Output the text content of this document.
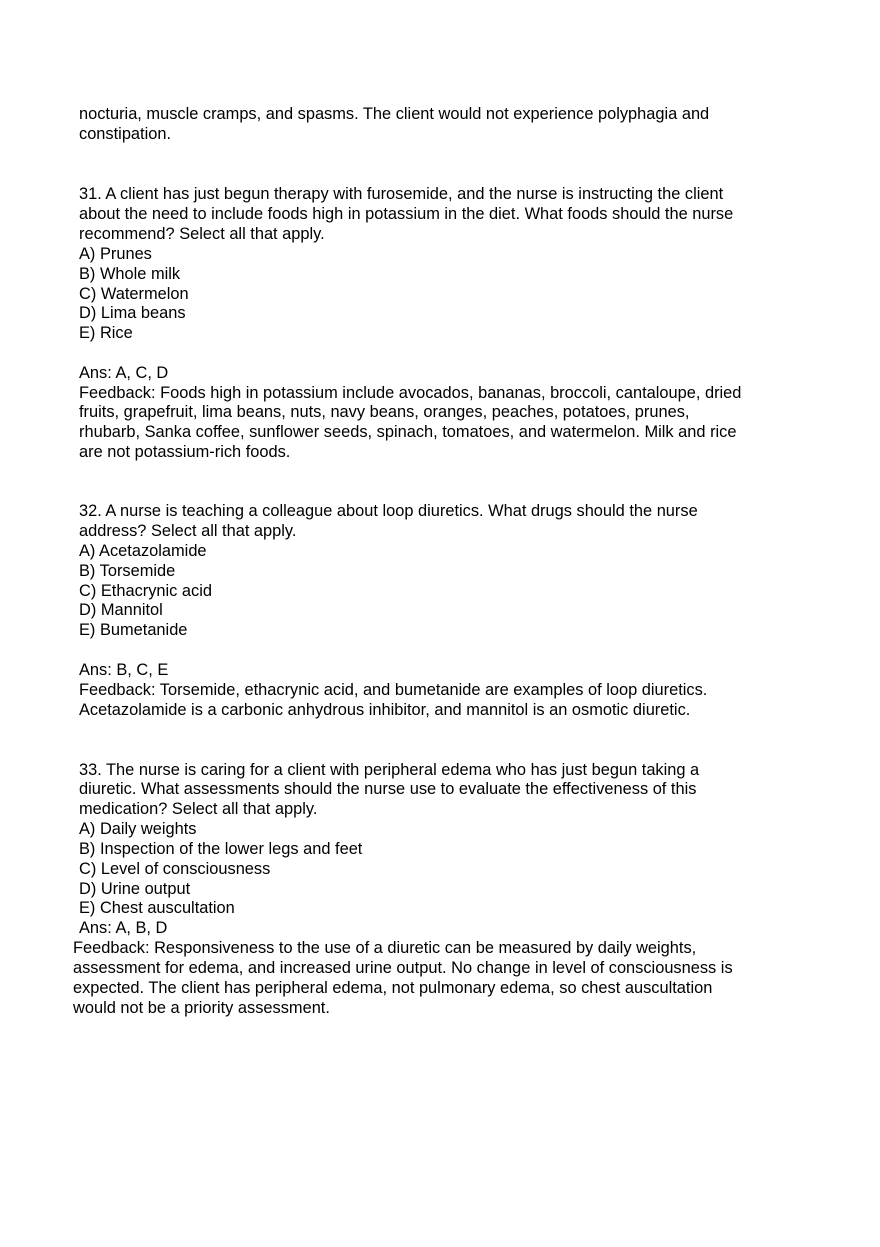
nocturia, muscle cramps, and spasms. The client would not experience polyphagia and

constipation.

31. A client has just begun therapy with furosemide, and the nurse is instructing the client

about the need to include foods high in potassium in the diet. What foods should the nurse

recommend? Select all that apply.

A) Prunes

B) Whole milk

C) Watermelon

D) Lima beans

E) Rice

Ans: A, C, D

Feedback: Foods high in potassium include avocados, bananas, broccoli, cantaloupe, dried

fruits, grapefruit, lima beans, nuts, navy beans, oranges, peaches, potatoes, prunes,

rhubarb, Sanka coffee, sunflower seeds, spinach, tomatoes, and watermelon. Milk and rice

are not potassium-rich foods.

32. A nurse is teaching a colleague about loop diuretics. What drugs should the nurse

address? Select all that apply.

A) Acetazolamide

B) Torsemide

C) Ethacrynic acid

D) Mannitol

E) Bumetanide

Ans: B, C, E

Feedback: Torsemide, ethacrynic acid, and bumetanide are examples of loop diuretics.

Acetazolamide is a carbonic anhydrous inhibitor, and mannitol is an osmotic diuretic.

33. The nurse is caring for a client with peripheral edema who has just begun taking a

diuretic. What assessments should the nurse use to evaluate the effectiveness of this

medication? Select all that apply.

A) Daily weights

B) Inspection of the lower legs and feet

C) Level of consciousness

D) Urine output

E) Chest auscultation

Ans: A, B, D

Feedback: Responsiveness to the use of a diuretic can be measured by daily weights,

assessment for edema, and increased urine output. No change in level of consciousness is

expected. The client has peripheral edema, not pulmonary edema, so chest auscultation

would not be a priority assessment.
